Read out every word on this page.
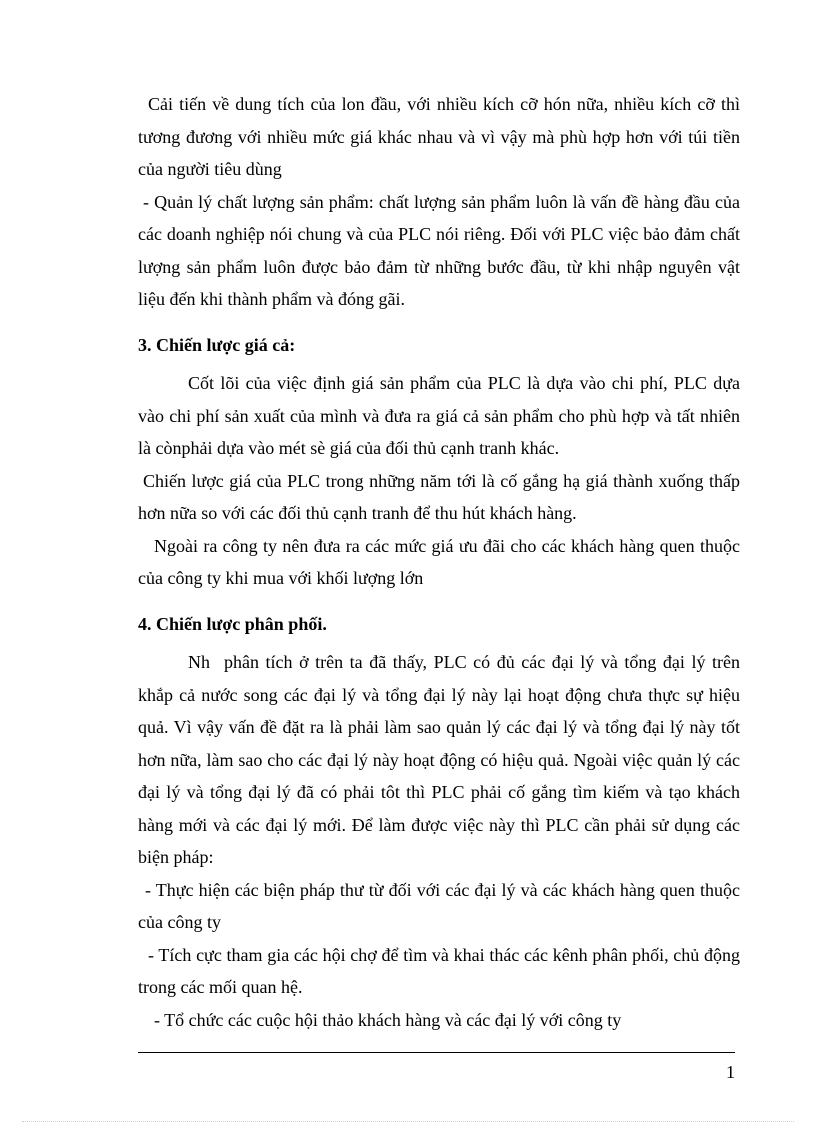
Cải tiến về dung tích của lon đầu, với nhiều kích cỡ hón nữa, nhiều kích cỡ thì tương đương với nhiều mức giá khác nhau và vì vậy mà phù hợp hơn với túi tiền của người tiêu dùng

- Quản lý chất lượng sản phẩm: chất lượng sản phẩm luôn là vấn đề hàng đầu của các doanh nghiệp nói chung và của PLC nói riêng. Đối với PLC việc bảo đảm chất lượng sản phẩm luôn được bảo đảm từ những bước đầu, từ khi nhập nguyên vật liệu đến khi thành phẩm và đóng gãi.

3. Chiến lược giá cả:

Cốt lõi của việc định giá sản phẩm của PLC là dựa vào chi phí, PLC dựa vào chi phí sản xuất của mình và đưa ra giá cả sản phẩm cho phù hợp và tất nhiên là cònphải dựa vào mét sè giá của đối thủ cạnh tranh khác.

Chiến lược giá của PLC trong những năm tới là cố gắng hạ giá thành xuống thấp hơn nữa so với các đối thủ cạnh tranh để thu hút khách hàng.

Ngoài ra công ty nên đưa ra các mức giá ưu đãi cho các khách hàng quen thuộc của công ty khi mua với khối lượng lớn

4. Chiến lược phân phối.

Nh phân tích ở trên ta đã thấy, PLC có đủ các đại lý và tổng đại lý trên khắp cả nước song các đại lý và tổng đại lý này lại hoạt động chưa thực sự hiệu quả. Vì vậy vấn đề đặt ra là phải làm sao quản lý các đại lý và tổng đại lý này tốt hơn nữa, làm sao cho các đại lý này hoạt động có hiệu quả. Ngoài việc quản lý các đại lý và tổng đại lý đã có phải tôt thì PLC phải cố gắng tìm kiếm và tạo khách hàng mới và các đại lý mới. Để làm được việc này thì PLC cần phải sử dụng các biện pháp:

- Thực hiện các biện pháp thư từ đối với các đại lý và các khách hàng quen thuộc của công ty

- Tích cực tham gia các hội chợ để tìm và khai thác các kênh phân phối, chủ động trong các mối quan hệ.

- Tổ chức các cuộc hội thảo khách hàng và các đại lý với công ty

1
